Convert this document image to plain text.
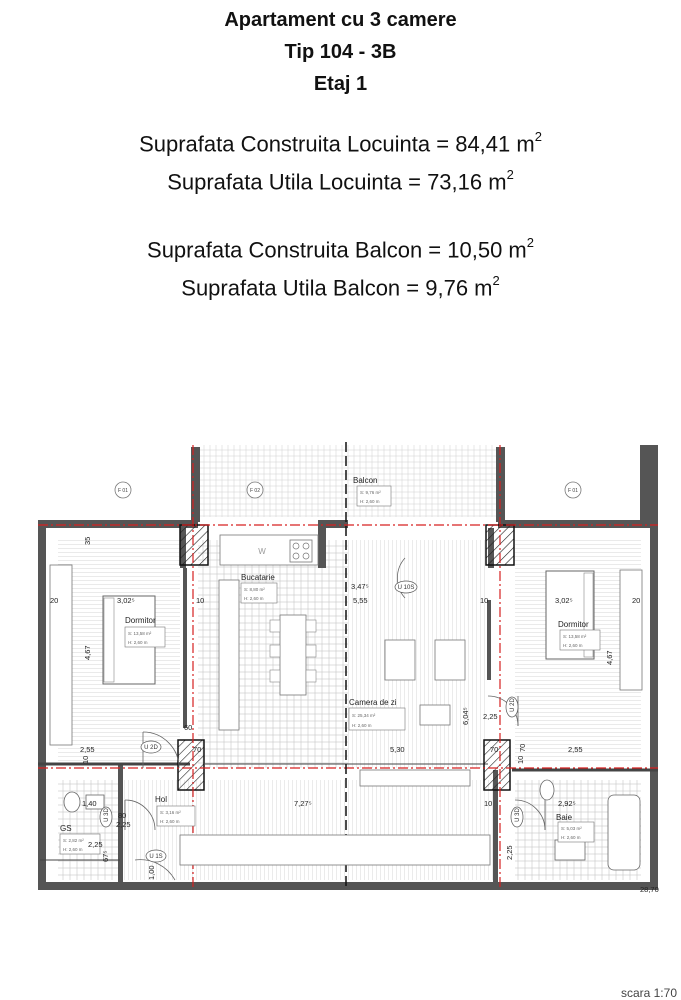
Apartament cu 3 camere
Tip 104 - 3B
Etaj 1
Suprafata Construita Locuinta = 84,41 $m^2$
Suprafata Utila Locuinta = 73,16 $m^2$
Suprafata Construita Balcon = 10,50 $m^2$
Suprafata Utila Balcon = 9,76 $m^2$
F 01	F 02	F 01
W
U 10S
U 2D
U 2D
U 3D	U 3D
U 1S
Balcon
Bucatarie
Dormitor	Dormitor
Camera de zi
Hol
GS
Baie
S: 9,76 m²
H: 2,60 m
S: 8,80 m²
H: 2,60 m
S: 13,58 m²
H: 2,60 m
S: 13,58 m²
H: 2,60 m
S: 25,34 m²
H: 2,60 m
S: 3,16 m²
H: 2,60 m
S: 2,82 m²
H: 2,60 m
S: 5,03 m²
H: 2,60 m
3,02⁵	3,02⁵
3,47⁵
5,55
2,55	2,55
5,30
7,27⁵	2,92⁵
1,40
2,25
2,25
28,70
60
20	20
10	10
10
70	70
80
2,25
4,67	4,67
6,04⁵
35
10	10
70
2,25
67⁵
1,00
scara 1:70
